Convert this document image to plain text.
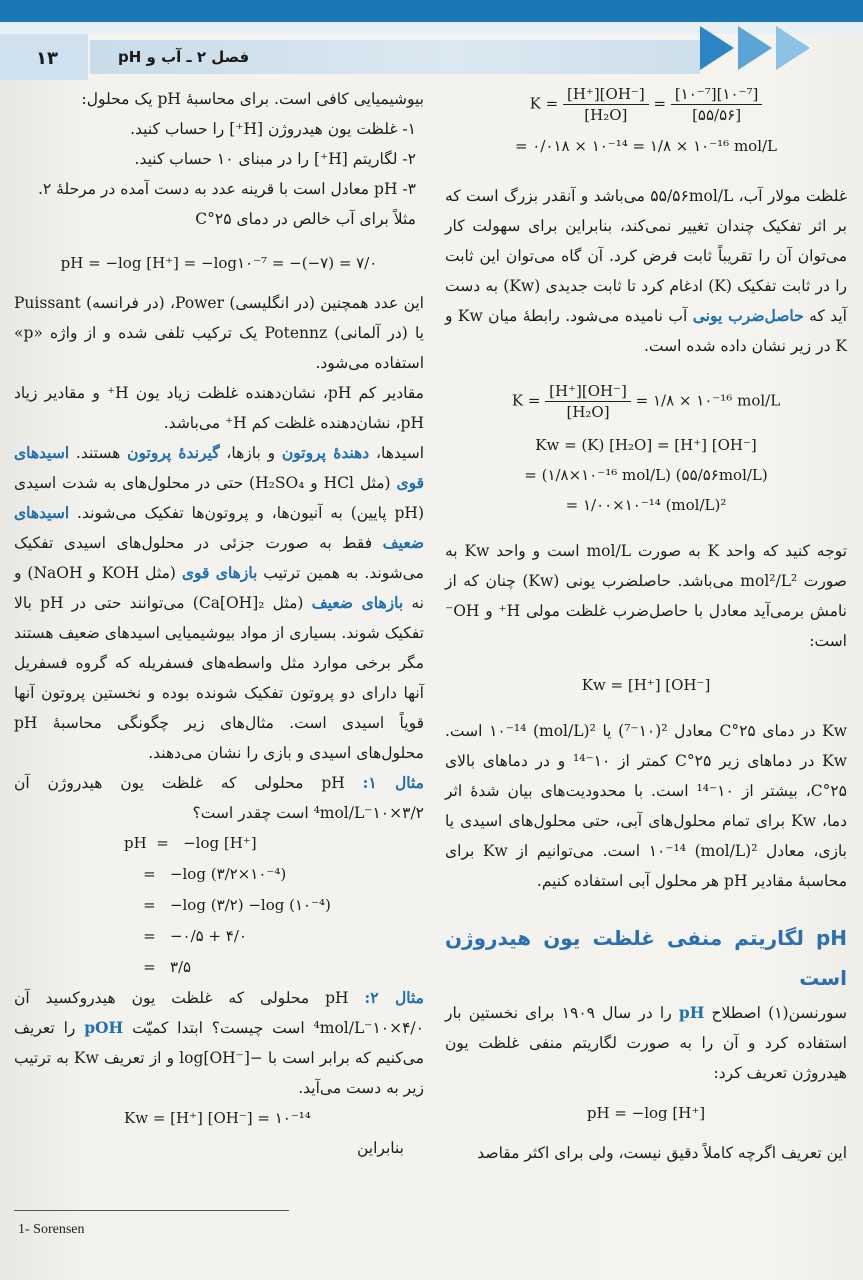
١٣	فصل ۲ ـ آب و pH

بیوشیمیایی کافی است. برای محاسبهٔ pH یک محلول:

۱- غلظت یون هیدروژن [H⁺] را حساب کنید.

۲- لگاریتم [H⁺] را در مبنای ۱۰ حساب کنید.

۳- pH معادل است با قرینه عدد به دست آمده در مرحلهٔ ۲.

مثلاً برای آب خالص در دمای ۲۵°C

pH = −log [H⁺] = −log۱۰⁻⁷ = −(−۷) = ۷/۰

این عدد همچنین (در انگلیسی) Power، (در فرانسه) Puissant یا (در آلمانی) Potennz یک ترکیب تلفی شده و از واژه «p» استفاده می‌شود.

مقادیر کم pH، نشان‌دهنده غلظت زیاد یون H⁺ و مقادیر زیاد pH، نشان‌دهنده غلظت کم H⁺ می‌باشد.

اسیدها، دهندهٔ پروتون و بازها، گیرندهٔ پروتون هستند. اسیدهای قوی (مثل HCl و H₂SO₄) حتی در محلول‌های به شدت اسیدی (pH پایین) به آنیون‌ها، و پروتون‌ها تفکیک می‌شوند. اسیدهای ضعیف فقط به صورت جزئی در محلول‌های اسیدی تفکیک می‌شوند. به همین ترتیب بازهای قوی (مثل KOH و NaOH) و نه بازهای ضعیف (مثل Ca[OH]₂) می‌توانند حتی در pH بالا تفکیک شوند. بسیاری از مواد بیوشیمیایی اسیدهای ضعیف هستند مگر برخی موارد مثل واسطه‌های فسفریله که گروه فسفریل آنها دارای دو پروتون تفکیک شونده بوده و نخستین پروتون آنها قویاً اسیدی است. مثال‌های زیر چگونگی محاسبهٔ pH محلول‌های اسیدی و بازی را نشان می‌دهند.

مثال ۱: pH محلولی که غلظت یون هیدروژن آن ۳/۲×۱۰⁻⁴mol/L است چقدر است؟

pH  =   −log [H⁺]
=   −log (۳/۲×۱۰⁻⁴)
=   −log (۳/۲) −log (۱۰⁻⁴)
=   −۰/۵ + ۴/۰
=   ۳/۵

مثال ۲: pH محلولی که غلظت یون هیدروکسید آن ۴/۰×۱۰⁻⁴mol/L است چیست؟ ابتدا کمیّت pOH را تعریف می‌کنیم که برابر است با −log[OH⁻] و از تعریف Kw به ترتیب زیر به دست می‌آید.

Kw = [H⁺] [OH⁻] = ۱۰⁻¹⁴

بنابراین

$K = \frac{[H^+][OH^-]}{\text{[H₂O]}} = \frac{\text{[۱۰⁻⁷][۱۰⁻⁷]}}{[۵۵/۵۶]}$

= ۰/۰۱۸ × ۱۰⁻¹⁴ = ۱/۸ × ۱۰⁻¹⁶ mol/L

غلظت مولار آب، ۵۵/۵۶mol/L می‌باشد و آنقدر بزرگ است که بر اثر تفکیک چندان تغییر نمی‌کند، بنابراین برای سهولت کار می‌توان آن را تقریباً ثابت فرض کرد. آن گاه می‌توان این ثابت را در ثابت تفکیک (K) ادغام کرد تا ثابت جدیدی (Kw) به دست آید که حاصل‌ضرب یونی آب نامیده می‌شود. رابطهٔ میان Kw و K در زیر نشان داده شده است.

$K = \frac{[H^+][OH^-]}{\text{[H₂O]}}$ = ۱/۸ × ۱۰⁻¹⁶ mol/L

Kw = (K) [H₂O] = [H⁺] [OH⁻]

= (۱/۸×۱۰⁻¹⁶ mol/L) (۵۵/۵۶mol/L)

= ۱/۰۰×۱۰⁻¹⁴ (mol/L)²

توجه کنید که واحد K به صورت mol/L است و واحد Kw به صورت mol²/L² می‌باشد. حاصلضرب یونی (Kw) چنان که از نامش برمی‌آید معادل با حاصل‌ضرب غلظت مولی H⁺ و OH⁻ است:

Kw = [H⁺] [OH⁻]

Kw در دمای ۲۵°C معادل ²(۱۰⁻⁷) یا ²(mol/L) ۱۰⁻¹⁴ است. Kw در دماهای زیر ۲۵°C کمتر از ۱۰⁻¹⁴ و در دماهای بالای ۲۵°C، بیشتر از ۱۰⁻¹⁴ است. با محدودیت‌های بیان شدهٔ اثر دما، Kw برای تمام محلول‌های آبی، حتی محلول‌های اسیدی یا بازی، معادل ²(mol/L) ۱۰⁻¹⁴ است. می‌توانیم از Kw برای محاسبهٔ مقادیر pH هر محلول آبی استفاده کنیم.

pH لگاریتم منفی غلظت یون هیدروژن است

سورنسن(۱) اصطلاح pH را در سال ۱۹۰۹ برای نخستین بار استفاده کرد و آن را به صورت لگاریتم منفی غلظت یون هیدروژن تعریف کرد:

pH = −log [H⁺]

این تعریف اگرچه کاملاً دقیق نیست، ولی برای اکثر مقاصد

1- Sorensen
